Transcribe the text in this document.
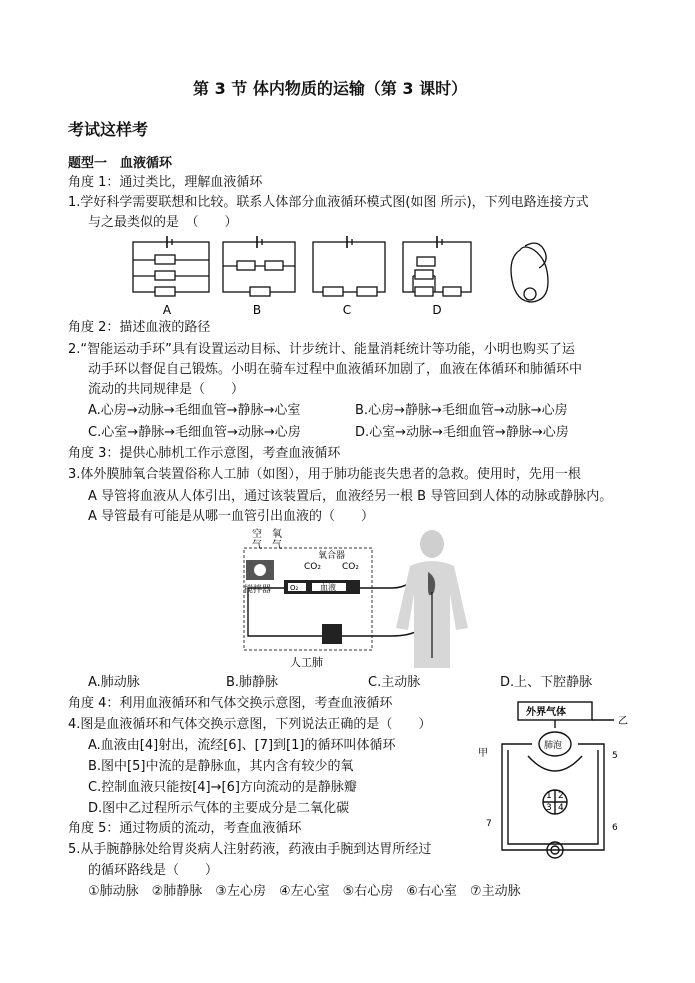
第 3 节 体内物质的运输（第 3 课时）
考试这样考
题型一　血液循环
角度 1：通过类比，理解血液循环
1.学好科学需要联想和比较。联系人体部分血液循环模式图(如图 所示)，下列电路连接方式
与之最类似的是　（　　）
A	B	C	D
角度 2：描述血液的路径
2.“智能运动手环”具有设置运动目标、计步统计、能量消耗统计等功能，小明也购买了运
动手环以督促自己锻炼。小明在骑车过程中血液循环加剧了，血液在体循环和肺循环中
流动的共同规律是（　　）
A.心房→动脉→毛细血管→静脉→心室	B.心房→静脉→毛细血管→动脉→心房
C.心室→静脉→毛细血管→动脉→心房	D.心室→动脉→毛细血管→静脉→心房
角度 3：提供心肺机工作示意图，考查血液循环
3.体外膜肺氧合装置俗称人工肺（如图），用于肺功能丧失患者的急救。使用时，先用一根
A 导管将血液从人体引出，通过该装置后，血液经另一根 B 导管回到人体的动脉或静脉内。
A 导管最有可能是从哪一血管引出血液的（　　）
空
气
氧
气
氧合器
CO₂ CO₂
O₂	血液
搅拌器
人工肺
A.肺动脉	B.肺静脉	C.主动脉	D.上、下腔静脉
角度 4：利用血液循环和气体交换示意图，考查血液循环
4.图是血液循环和气体交换示意图，下列说法正确的是（　　）
A.血液由[4]射出，流经[6]、[7]到[1]的循环叫体循环
B.图中[5]中流的是静脉血，其内含有较少的氧
C.控制血液只能按[4]→[6]方向流动的是静脉瓣
D.图中乙过程所示气体的主要成分是二氧化碳
外界气体
肺泡
甲
乙
1 2
3 4
5
6
7
角度 5：通过物质的流动，考查血液循环
5.从手腕静脉处给胃炎病人注射药液，药液由手腕到达胃所经过
的循环路线是（　　）
①肺动脉　②肺静脉　③左心房　④左心室　⑤右心房　⑥右心室　⑦主动脉
